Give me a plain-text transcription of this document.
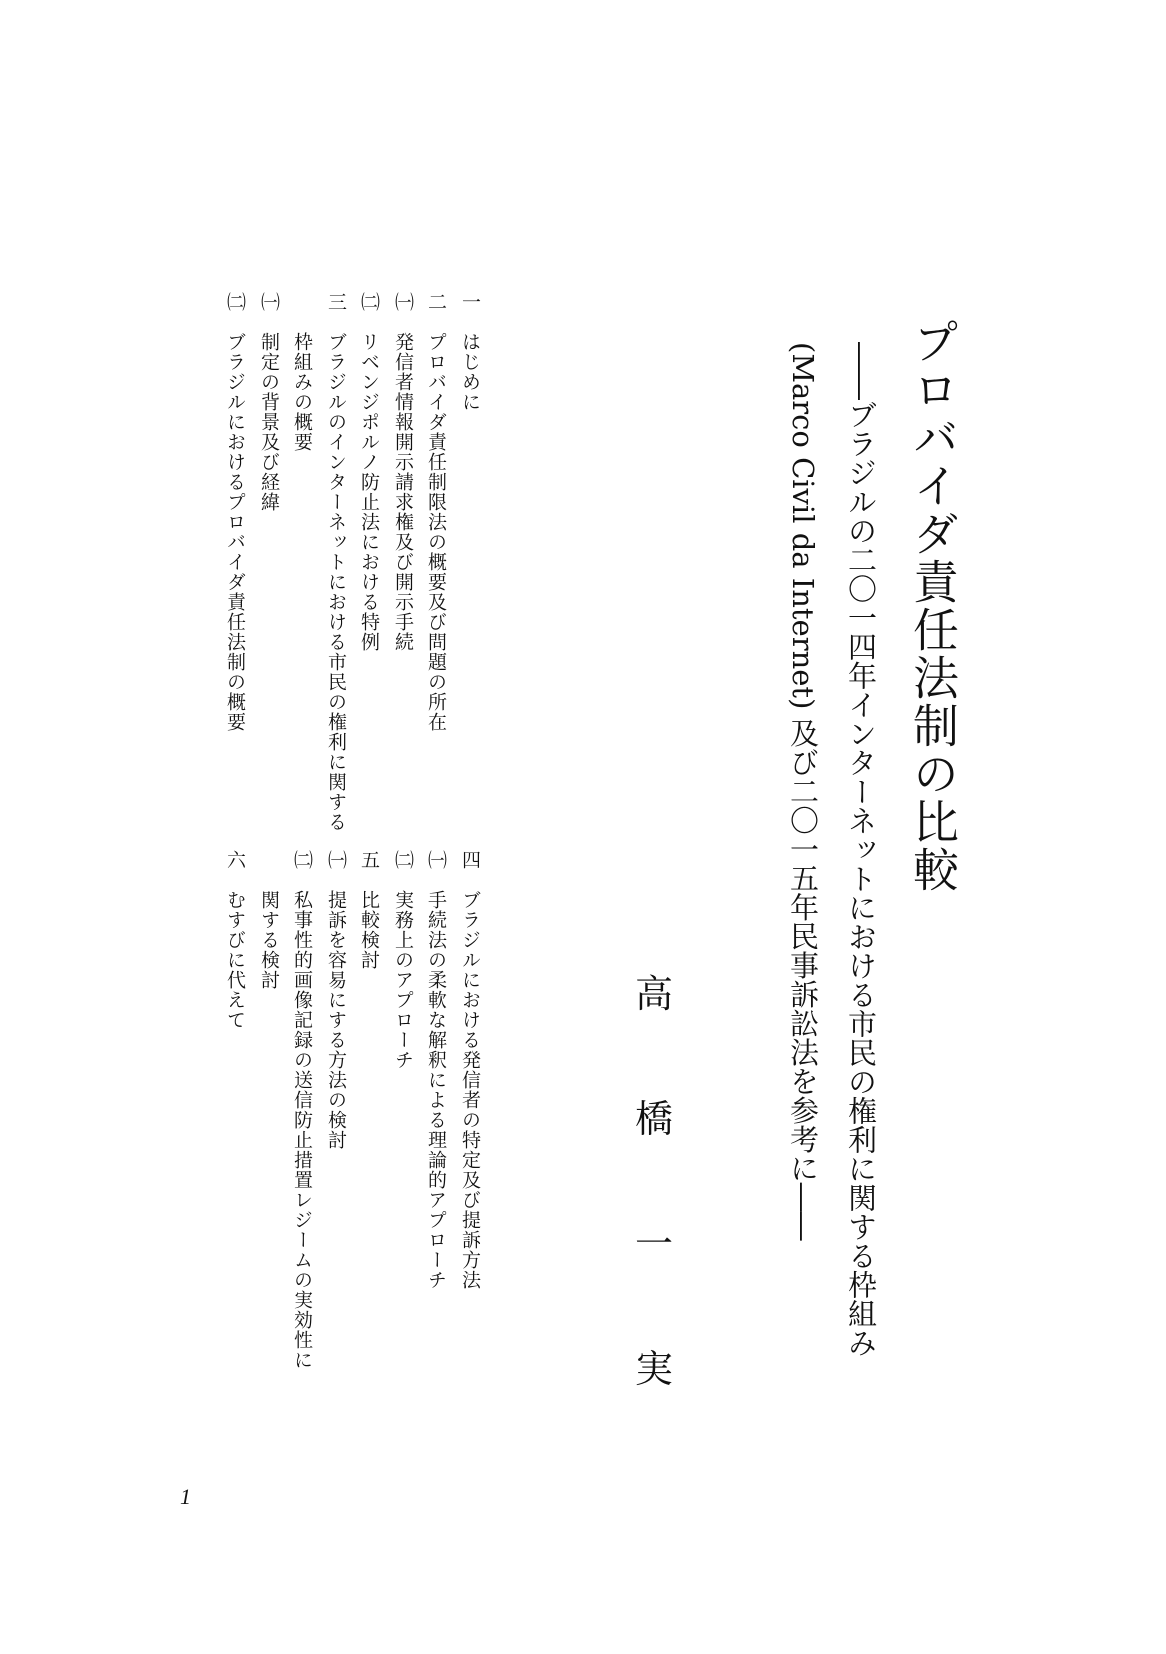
プロバイダ責任法制の比較
――ブラジルの二〇一四年インターネットにおける市民の権利に関する枠組み
(Marco Civil da Internet) 及び二〇一五年民事訴訟法を参考に――
高
橋
一
実
一　はじめに
二　プロバイダ責任制限法の概要及び問題の所在
㈠　発信者情報開示請求権及び開示手続
㈡　リベンジポルノ防止法における特例
三　ブラジルのインターネットにおける市民の権利に関する
　　枠組みの概要
㈠　制定の背景及び経緯
㈡　ブラジルにおけるプロバイダ責任法制の概要
四　ブラジルにおける発信者の特定及び提訴方法
㈠　手続法の柔軟な解釈による理論的アプローチ
㈡　実務上のアプローチ
五　比較検討
㈠　提訴を容易にする方法の検討
㈡　私事性的画像記録の送信防止措置レジームの実効性に
　　関する検討
六　むすびに代えて
1
